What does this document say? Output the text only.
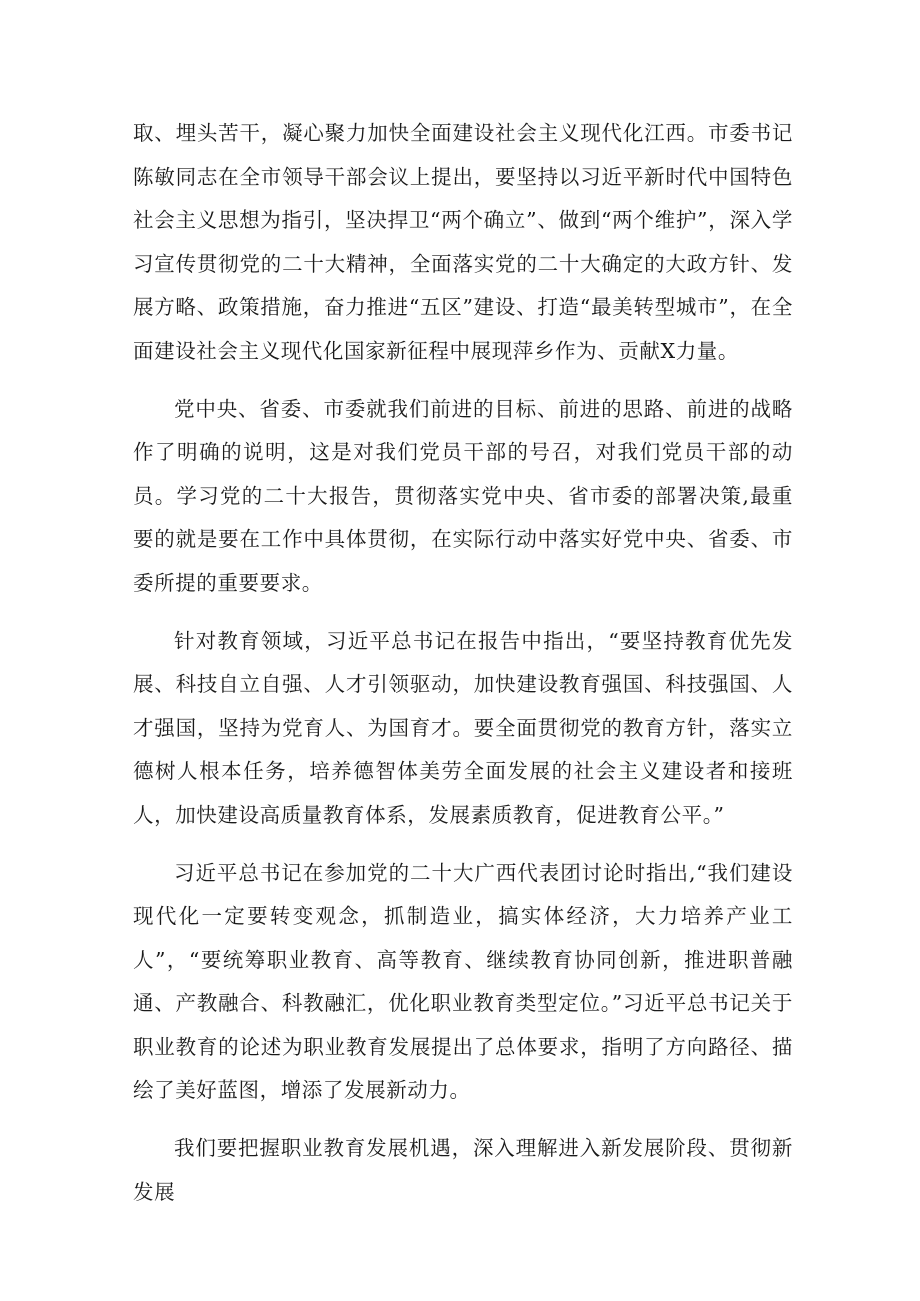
取、埋头苦干，凝心聚力加快全面建设社会主义现代化江西。市委书记陈敏同志在全市领导干部会议上提出，要坚持以习近平新时代中国特色社会主义思想为指引，坚决捍卫“两个确立”、做到“两个维护”，深入学习宣传贯彻党的二十大精神，全面落实党的二十大确定的大政方针、发展方略、政策措施，奋力推进“五区”建设、打造“最美转型城市”，在全面建设社会主义现代化国家新征程中展现萍乡作为、贡献X力量。

党中央、省委、市委就我们前进的目标、前进的思路、前进的战略作了明确的说明，这是对我们党员干部的号召，对我们党员干部的动员。学习党的二十大报告，贯彻落实党中央、省市委的部署决策,最重要的就是要在工作中具体贯彻，在实际行动中落实好党中央、省委、市委所提的重要要求。

针对教育领域，习近平总书记在报告中指出，“要坚持教育优先发展、科技自立自强、人才引领驱动，加快建设教育强国、科技强国、人才强国，坚持为党育人、为国育才。要全面贯彻党的教育方针，落实立德树人根本任务，培养德智体美劳全面发展的社会主义建设者和接班人，加快建设高质量教育体系，发展素质教育，促进教育公平。”

习近平总书记在参加党的二十大广西代表团讨论时指出,“我们建设现代化一定要转变观念，抓制造业，搞实体经济，大力培养产业工人”，“要统筹职业教育、高等教育、继续教育协同创新，推进职普融通、产教融合、科教融汇，优化职业教育类型定位。”习近平总书记关于职业教育的论述为职业教育发展提出了总体要求，指明了方向路径、描绘了美好蓝图，增添了发展新动力。

我们要把握职业教育发展机遇，深入理解进入新发展阶段、贯彻新发展
